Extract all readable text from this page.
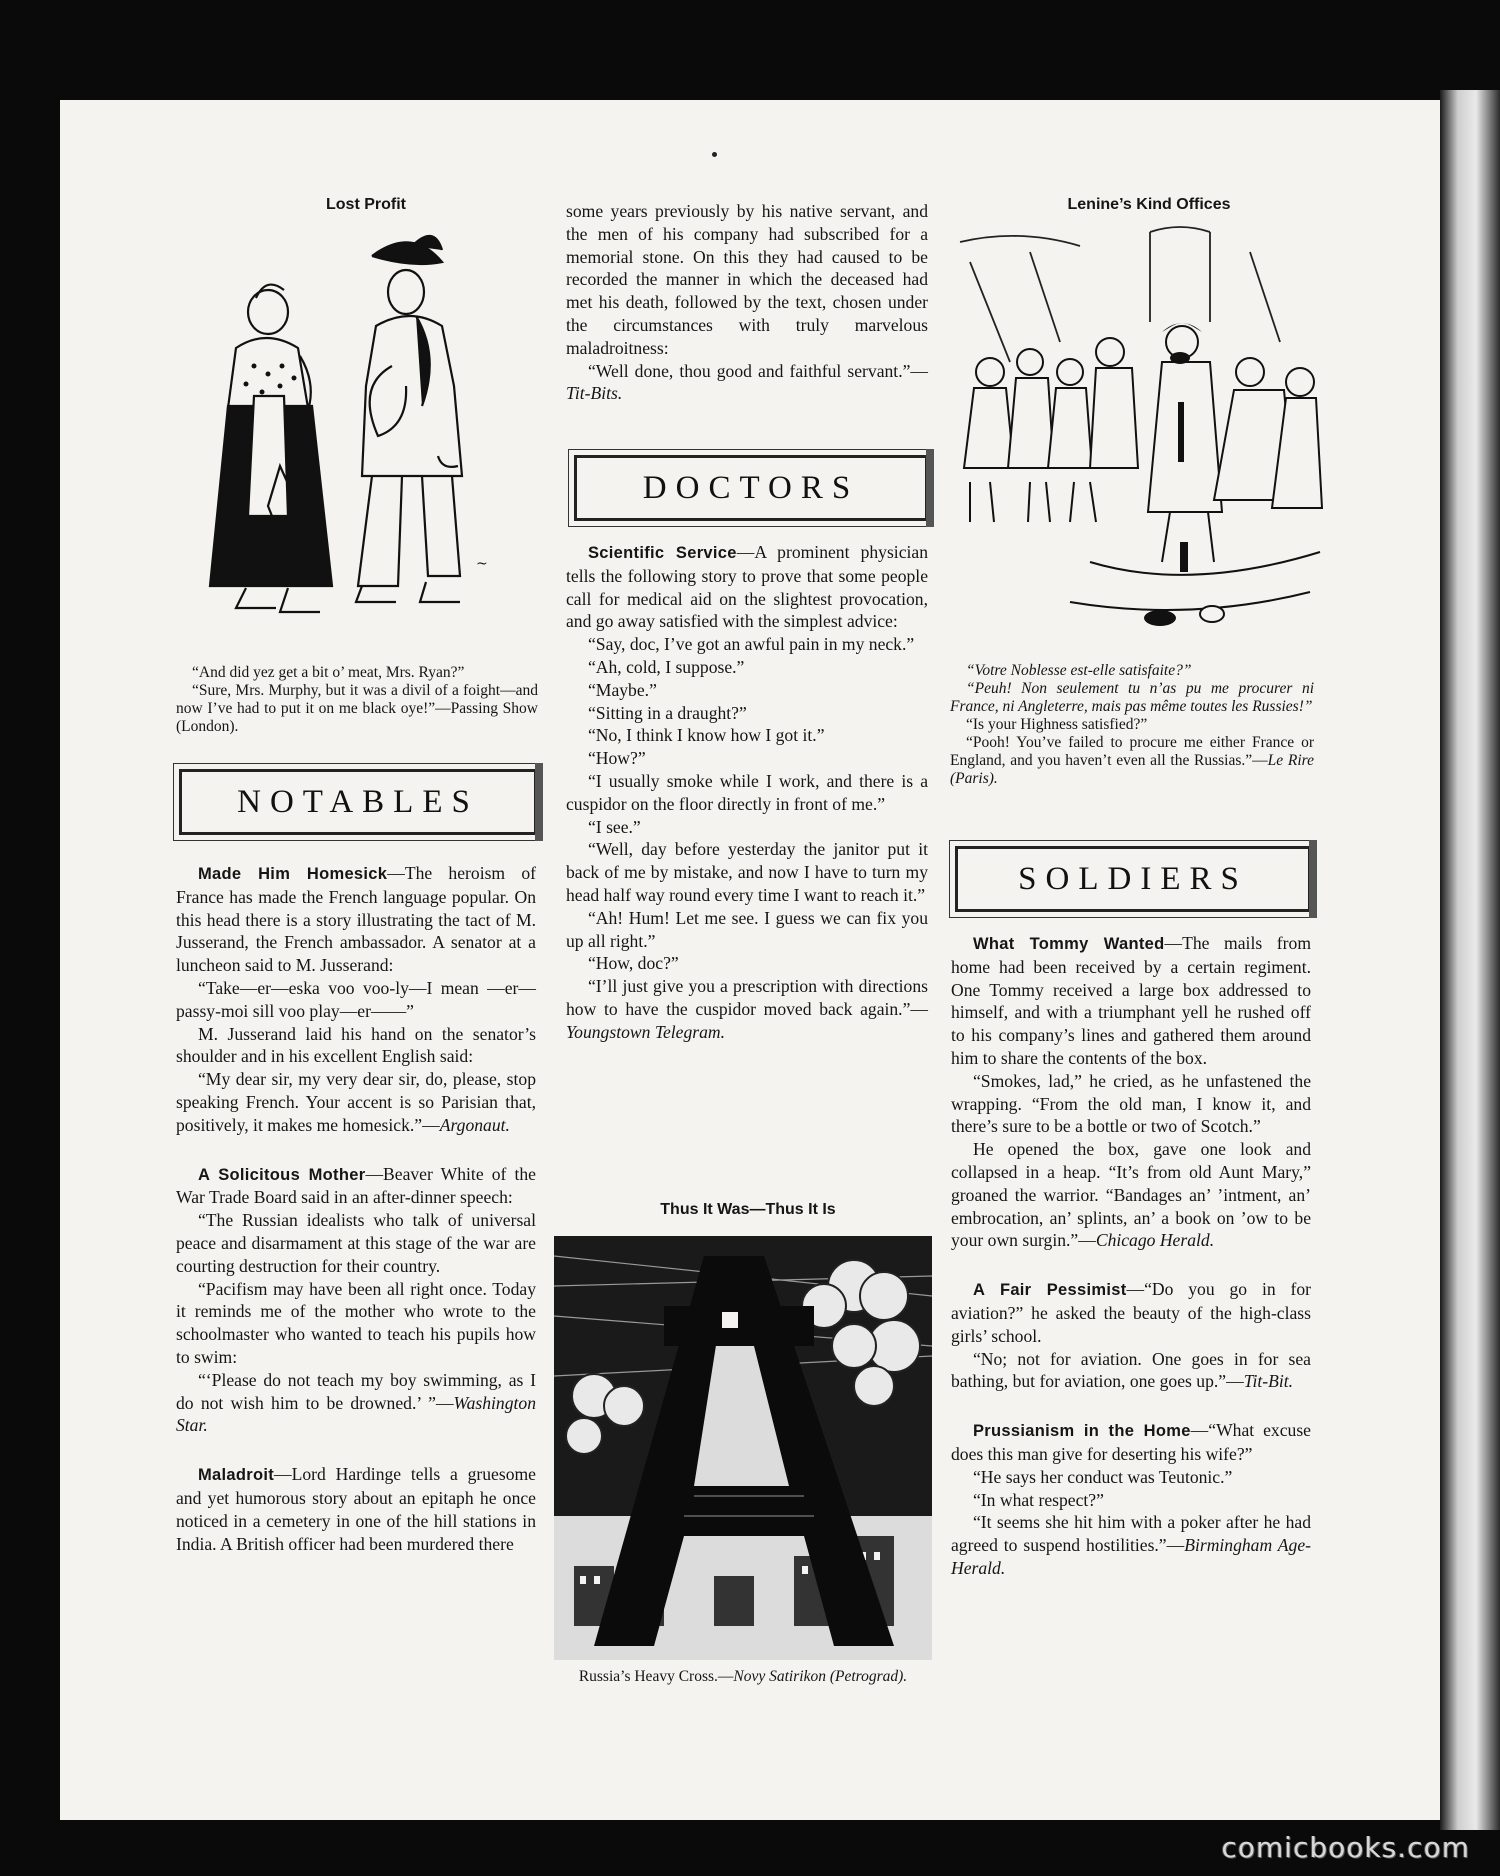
Lost Profit
~

“And did yez get a bit o’ meat, Mrs. Ryan?”

“Sure, Mrs. Murphy, but it was a divil of a foight—and now I’ve had to put it on me black oye!”—Passing Show (London).

NOTABLES

Made Him Homesick—The heroism of France has made the French language popular. On this head there is a story illustrating the tact of M. Jusserand, the French ambassador. A senator at a luncheon said to M. Jusserand:

“Take—er—eska voo voo-ly—I mean —er—passy-moi sill voo play—er——”

M. Jusserand laid his hand on the senator’s shoulder and in his excellent English said:

“My dear sir, my very dear sir, do, please, stop speaking French. Your accent is so Parisian that, positively, it makes me homesick.”—Argonaut.

A Solicitous Mother—Beaver White of the War Trade Board said in an after-dinner speech:

“The Russian idealists who talk of universal peace and disarmament at this stage of the war are courting destruction for their country.

“Pacifism may have been all right once. Today it reminds me of the mother who wrote to the schoolmaster who wanted to teach his pupils how to swim:

“‘Please do not teach my boy swimming, as I do not wish him to be drowned.’ ”—Washington Star.

Maladroit—Lord Hardinge tells a gruesome and yet humorous story about an epitaph he once noticed in a cemetery in one of the hill stations in India. A British officer had been murdered there

some years previously by his native servant, and the men of his company had subscribed for a memorial stone. On this they had caused to be recorded the manner in which the deceased had met his death, followed by the text, chosen under the circumstances with truly marvelous maladroitness:

“Well done, thou good and faithful servant.”—Tit-Bits.

DOCTORS

Scientific Service—A prominent physician tells the following story to prove that some people call for medical aid on the slightest provocation, and go away satisfied with the simplest advice:

“Say, doc, I’ve got an awful pain in my neck.”

“Ah, cold, I suppose.”

“Maybe.”

“Sitting in a draught?”

“No, I think I know how I got it.”

“How?”

“I usually smoke while I work, and there is a cuspidor on the floor directly in front of me.”

“I see.”

“Well, day before yesterday the janitor put it back of me by mistake, and now I have to turn my head half way round every time I want to reach it.”

“Ah! Hum! Let me see. I guess we can fix you up all right.”

“How, doc?”

“I’ll just give you a prescription with directions how to have the cuspidor moved back again.”—Youngstown Telegram.

Thus It Was—Thus It Is
Russia’s Heavy Cross.—Novy Satirikon (Petrograd).
Lenine’s Kind Offices

“Votre Noblesse est-elle satisfaite?”

“Peuh! Non seulement tu n’as pu me procurer ni France, ni Angleterre, mais pas même toutes les Russies!”

“Is your Highness satisfied?”

“Pooh! You’ve failed to procure me either France or England, and you haven’t even all the Russias.”—Le Rire (Paris).

SOLDIERS

What Tommy Wanted—The mails from home had been received by a certain regiment. One Tommy received a large box addressed to himself, and with a triumphant yell he rushed off to his company’s lines and gathered them around him to share the contents of the box.

“Smokes, lad,” he cried, as he unfastened the wrapping. “From the old man, I know it, and there’s sure to be a bottle or two of Scotch.”

He opened the box, gave one look and collapsed in a heap. “It’s from old Aunt Mary,” groaned the warrior. “Bandages an’ ’intment, an’ embrocation, an’ splints, an’ a book on ’ow to be your own surgin.”—Chicago Herald.

A Fair Pessimist—“Do you go in for aviation?” he asked the beauty of the high-class girls’ school.

“No; not for aviation. One goes in for sea bathing, but for aviation, one goes up.”—Tit-Bit.

Prussianism in the Home—“What excuse does this man give for deserting his wife?”

“He says her conduct was Teutonic.”

“In what respect?”

“It seems she hit him with a poker after he had agreed to suspend hostilities.”—Birmingham Age-Herald.

comicbooks.com
